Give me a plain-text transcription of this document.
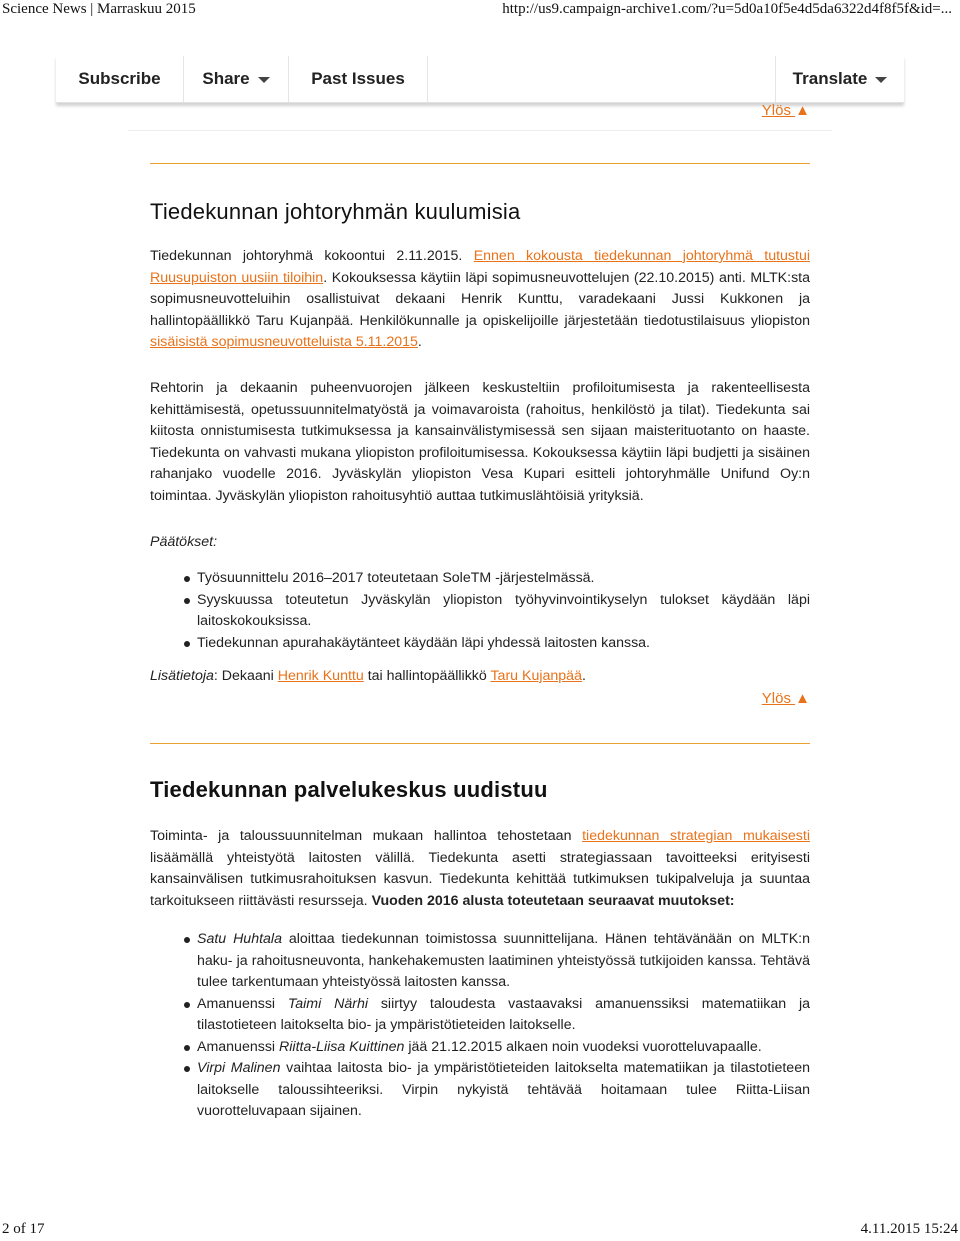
Science News | Marraskuu 2015	http://us9.campaign-archive1.com/?u=5d0a10f5e4d5da6322d4f8f5f&id=...
Subscribe	Share	Past Issues	Translate
Ylös ▲
Tiedekunnan johtoryhmän kuulumisia

Tiedekunnan johtoryhmä kokoontui 2.11.2015. Ennen kokousta tiedekunnan johtoryhmä tutustui Ruusupuiston uusiin tiloihin. Kokouksessa käytiin läpi sopimusneuvottelujen (22.10.2015) anti. MLTK:sta sopimusneuvotteluihin osallistuivat dekaani Henrik Kunttu, varadekaani Jussi Kukkonen ja hallintopäällikkö Taru Kujanpää. Henkilökunnalle ja opiskelijoille järjestetään tiedotustilaisuus yliopiston sisäisistä sopimusneuvotteluista 5.11.2015.

Rehtorin ja dekaanin puheenvuorojen jälkeen keskusteltiin profiloitumisesta ja rakenteellisesta kehittämisestä, opetussuunnitelmatyöstä ja voimavaroista (rahoitus, henkilöstö ja tilat). Tiedekunta sai kiitosta onnistumisesta tutkimuksessa ja kansainvälistymisessä sen sijaan maisterituotanto on haaste. Tiedekunta on vahvasti mukana yliopiston profiloitumisessa. Kokouksessa käytiin läpi budjetti ja sisäinen rahanjako vuodelle 2016. Jyväskylän yliopiston Vesa Kupari esitteli johtoryhmälle Unifund Oy:n toimintaa. Jyväskylän yliopiston rahoitusyhtiö auttaa tutkimuslähtöisiä yrityksiä.

Päätökset:
Työsuunnittelu 2016–2017 toteutetaan SoleTM -järjestelmässä.
Syyskuussa toteutetun Jyväskylän yliopiston työhyvinvointikyselyn tulokset käydään läpi laitoskokouksissa.
Tiedekunnan apurahakäytänteet käydään läpi yhdessä laitosten kanssa.

Lisätietoja: Dekaani Henrik Kunttu tai hallintopäällikkö Taru Kujanpää.

Ylös ▲
Tiedekunnan palvelukeskus uudistuu

Toiminta- ja taloussuunnitelman mukaan hallintoa tehostetaan tiedekunnan strategian mukaisesti lisäämällä yhteistyötä laitosten välillä. Tiedekunta asetti strategiassaan tavoitteeksi erityisesti kansainvälisen tutkimusrahoituksen kasvun. Tiedekunta kehittää tutkimuksen tukipalveluja ja suuntaa tarkoitukseen riittävästi resursseja. Vuoden 2016 alusta toteutetaan seuraavat muutokset:

Satu Huhtala aloittaa tiedekunnan toimistossa suunnittelijana. Hänen tehtävänään on MLTK:n haku- ja rahoitusneuvonta, hankehakemusten laatiminen yhteistyössä tutkijoiden kanssa. Tehtävä tulee tarkentumaan yhteistyössä laitosten kanssa.
Amanuenssi Taimi Närhi siirtyy taloudesta vastaavaksi amanuenssiksi matematiikan ja tilastotieteen laitokselta bio- ja ympäristötieteiden laitokselle.
Amanuenssi Riitta-Liisa Kuittinen jää 21.12.2015 alkaen noin vuodeksi vuorotteluvapaalle.
Virpi Malinen vaihtaa laitosta bio- ja ympäristötieteiden laitokselta matematiikan ja tilastotieteen laitokselle taloussihteeriksi. Virpin nykyistä tehtävää hoitamaan tulee Riitta-Liisan vuorotteluvapaan sijainen.
2 of 17	4.11.2015 15:24
